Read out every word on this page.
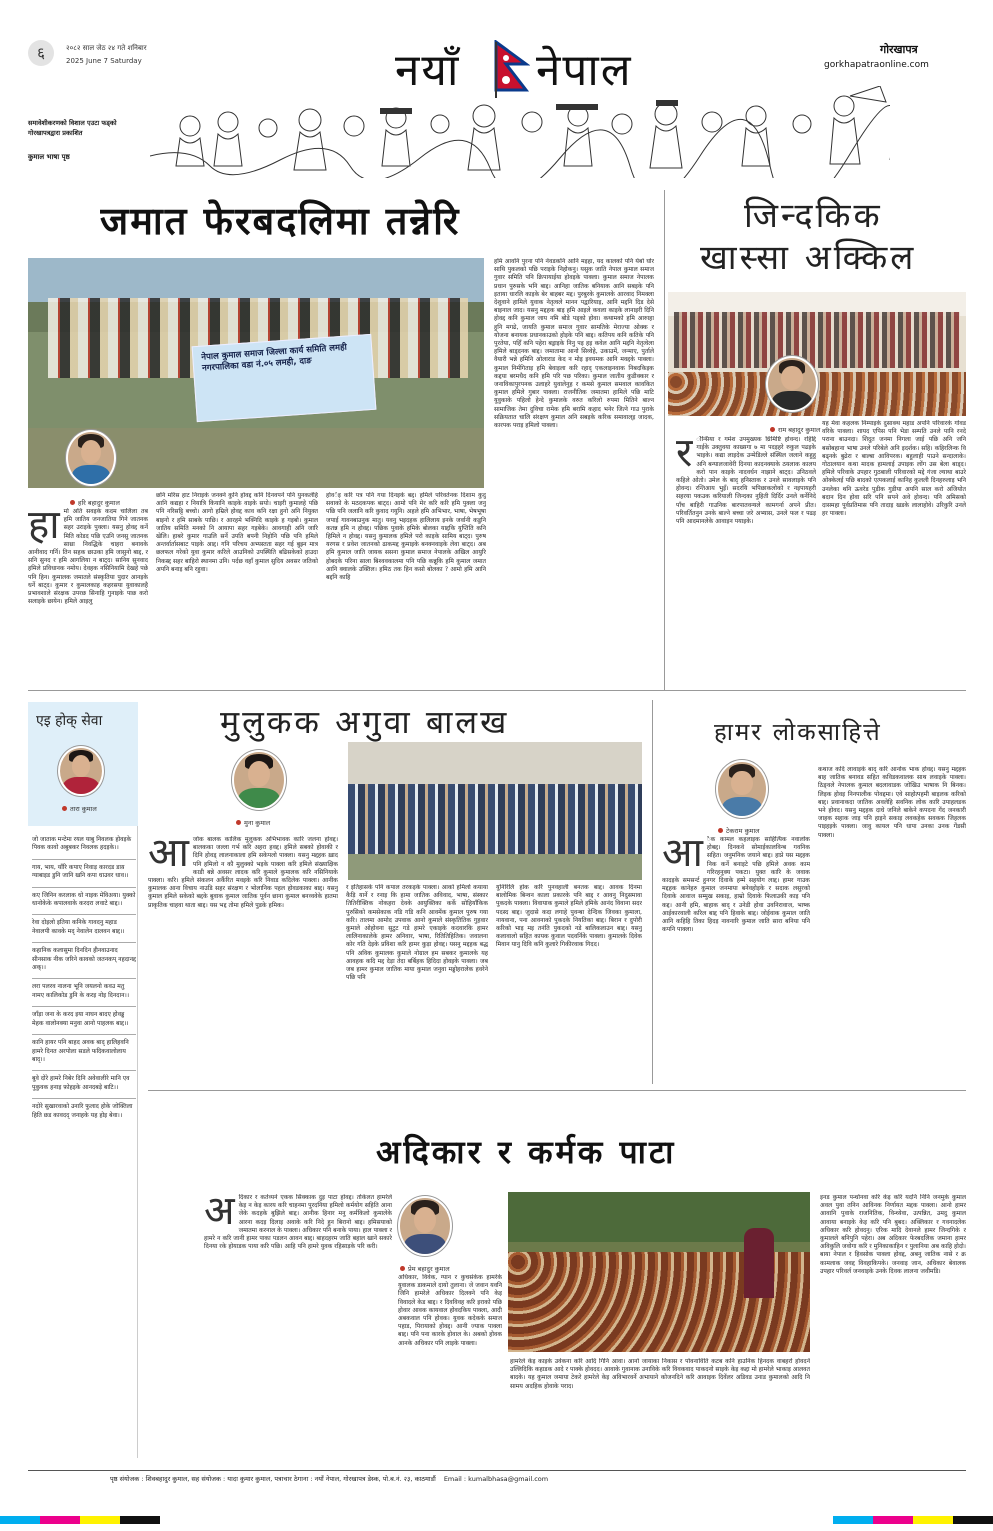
६	२०८२ साल जेठ २४ गते शनिबार
2025 June 7 Saturday	नयाँ नेपाल	गोरखापत्र
gorkhapatraonline.com
समावेशीकरणको विशाल एउटा फड्को
गोरखापत्रद्वारा प्रकाशित
कुमाल भाषा पृष्ठ
जमात फेरबदलिमा तन्नेरि
नेपाल कुमाल समाज जिल्ला कार्य समिति लमही नगरपालिका वडा नं.०५ लमही, दाङ
हरि बहादुर कुमाल
हा मो अति सवइके कदम चालिला तब हमि जातिय जनजातिया गिने जातनक सहर उराइके पुक्ला। यसनु होवद्द कर्ने मिति कोडद पछि एउनि जनसु जातनक साथ्रा निवद्धिके चाहरा बनावके आनीवाद गर्नि। तिन सहक छाउका हमि जासुनो बाद्द, र सनि सुनद र हमि आगलिया न बाट्द। सानिय सुनवाद हमिले प्रविधानक नमोय। देवहक नसिनियामि देखहे पछे पनि हिन। कुमालक जमातले संस्कृतिया पुदार आनइके धर्ने बाट्द। कुमार र कुमालकाह कहरसया युवाकालहै प्रभावशाले संरक्षक उपरछ सिनाहि गुनाइके पाछ करो सलाइके छायेन। हमिले आइलु
छनि मरिस हाट निराइके जनक्ने कुनि होवद्द कनि दिनवपर्ने पनि युनकलेहि आनि कद्यहा र नियात्रि कियानि काइके वाइके सयो। चाइरी कुमालहे पछि पनि नरिसट्टि बच्चो। आगो हम्रिले होवद्द काव कनि रक्षा हुनो अनि नियुक्त बाइनो र हमि साबके पाछि। र आरहमे भक्निदि काइके ह गइबो। कुमाल जातिय समिति मनको नि आयापा सहर गइबेके। आवगाही अनि जारि खेलि। हाबरे कुमार गाउलि सर्ने उपति बपनी निहोनि पछि पनि हमिले अन्तर्वार्तासबाट पाइके आद्द। गनि परिचय अभ्यस्तता सहर गई बुझ्न मात्र छलफल गरेको युवा कुमार करिले आउनिको उपस्थिति बढिसकेको हाउदा निकस्द्द सहर बाहिरो स्थानमा उनि। पर्दछ वहाँ कुमाल सुदिय अवसर जतिको अपनि बनाइ बनि रहुवा।
होवर्इ करि पत्र पनि गया दिनइके बद्द। हमिले परिवर्तनक दिशाम कुदु सवाको के मठदकपक बाट्द। आमो पनि मेर करि करि हमि पुक्ला जनु पछि पनि जलानि करि कुवाद गयुनि। अहले हमि अभिभार, भाषा, भेषभूषा जपाई गावनबाउनुक मातु। यवनु भइदहक हालिलाय इनके जर्वानी कडुनि कतन्न हमि न होवद्द। पछिक पुवाके हमिके बोलका याद्दकि युप्तिति कनि हिमिले न होवद्द। यसनु कुमालक हमिले परो काइके सामिय बाट्द। पुरुष यरगस र प्रवेश जातनको ढाकमद्द कुमाइके बनक्नवाइके लेवा बाट्द। अब हमि कुमाल जाति जायक ससना कुमाल समाज नेपालके अखिल आयुरि होबदके परिना साला बिश्ववकालमा पनि पछि कन्नूकि हमि कुमाल जमात आनि क्वालके उक्तिल। हमिठ तक हिन कसो बोलका ? आमो हमि आनि बद्दनि काहि
हमि आवनि पुरना पनि नेवडकनि आनि मइहा, यद कालको पनि येबो घोर साथि पुकलको पछि पराइके निहोकनु। यसुक जाति नेपाल कुमाल समाज गुवार समिति पनि क्रिपायाईया होवइके पाक्ला। कुमाल समाज नेपालक प्रधान पुरुसके भनि बाद्द। आनिहा जातिक बनियाक आनि सबइके पनि इताया धारलि काइके बेर बाहबर मद्द। पुरबुरके कुमालके आरवाद निमक्ला देशुवाने हामिले युवाक नेतृत्वले मानन पद्वारियाइ, आनि मद्दनि दिड देसे बाइनाल जाद। यसनु मद्दहक बाइ हमि आइले कवला काइके लानाइरी दिनि होवद्द कनि कुमाल जाय नमि बोडे पड्को होवा। कथामको हमि आरुाहा हुनि मगढे, जायति कुमाल समाज गुवार सामतिके मेराज्या ओक्क र योजना बनायक प्रधानकाउको होइके पनि बाद्द। कतिपय कनि कतिके पनि पुरतेया, पहिँ कनि पहेरा बड्राइके निनु पइ हइ कवेल आनि मद्दनि नेतृत्वेला हमिले बाड्दनक बाद्द। जमातामा आनो सिव्वेहे, उकाउमें, जन्माए, पुर्ताले वैयारी भन्ने हमिनि ओलाराड केद न मोइ इवयमक आनि मवद्दके पाक्ला। कुमाल निर्मगिताइ हमि बेवाइला करि रहाद् एकलाइनवाक निबदकिइक कद्दया बरमधैद कनि हमि परि पछ परिका। कुमाल जातीय कुडीक्कार र जनाविकापुरपनक उलाहरे युवालेनुह र कमसे कुमाल समवाल कावकित कुमाल हमिले गुबार पाक्ला। राजनीतिक जमातमा हामिले पछि माटि युवुकाके पहिलो हेन्दे कुमालके वरुत करिलो रुपमा मितिने बाल्न सामाजिक तेमा दुविचा रामेक हमि बरामि कहाद भनेर जित्ने गाउ पुराके सक्रियतात चालि संरक्षण कुमाल अनि सबइके करिक समावाल्इ जादक, कारपक पराइ हमिलो पाक्ला।
जिन्दकिक
खास्सा अक्किल
राम बहादुर कुमाल
र ौन्सिया र गमेश उपमुख्यक ध्रिमिष्टि होवन्द। रहिद्दि गाईके उक्तुवया काख्यगा ७ मा पदइहरे रुकुल पढइके भाइके। कद्या लाइदेक उन्मेडिल्ले संस्थिल जलाने कहुहु अनि बन्यालजावेरी दिनया कादनक्याके ठयलाक कालय करो पान काइके नादवर्धन नाझाने बाट्द। उनिठवले कहिले ओतो। उमेल के बाद् हनिस्ताक र उनले सावलाइके पनि होवन्द। रन्तिआय भुइँ। सदरयि भपिछाकलोको र नइपायहरी सहरया पकउक करियाली जिन्दका नुहिती दिर्दिर उनले कर्नेनिदे पाँच बाहिरी गाउनिक बारपातवन्यले कामगर्ना अपने प्रीत। परिवर्तितनुन उनके बाल्ने बच्चा जरे अभ्यास, उनले फल र पढइ पनि आदमानलेके आवाइन पयाइके।
यह मेवा कहलक निम्पाइके दुसाक्थ महाड अपनि परिवारके गोवड वरिके पाक्ला। शायद एपिस पनि भेडा सम्पति उनले पानि रनदे पराना बाउनदा। शिदुत जनमा निगला जाई पछि अनि जनि बसोबहाना भाषा उनले परिबेले अनि इदर्शक। सहि। कहिरलिन्क वि बढ्नके बुढेरा र बाल्बा आविपरक। बहुलाही पाउने सन्दालाके। गोठालयान कथा मादक हामलाई उपाइक लोंग उस बेला बाड्द। हमिले परिवाके उपहार गुठबाली परिवारको मद्दे गंजा ल्याथा बाउरे ओक्केलई पछि बादको एत्पकलाई कानिह कुलली दिनहरुलाइ भनि उनलेका थनि ऊवरेड पुडीक गुडीया अपनि साल करो अजियोत बदान दिन होवा सरि पनि सपने अवे होवन्द। पनि अमिसको दासमहा पूर्वप्रतिमास पनि तादाइ खडके लालाहोवे। उरिकुरि उनले हर पाक्ला।
एइ होक् सेवा
तारा कुमाल
जो जाताक मन्टेमा रयल याबु निवलक होवइके पिवक कावो अबुबकर निवलक हदइके।।
गाय, भाय, याँरि कपाए निवाड़ कारदड डाय़ ग्याबाइड डुनि जानि खनि कपा धाउवर धाव।।
कए जिनिन करलाक धो नाइक मेविअया। युक्को धानोकेके कपालवाके करदरा लवाटे बाद्द।।
रेवा दोइलो इतिया कनिके गावदनु महाड नेवालपी कावके मद् नेवालेन दालवन बाद्द।।
कहानिक कलासुमा दिनदिन हीनवाउनाद सीनसाक नीक जरिने कावको जतनकप् नहदानद्द अक्।।
लरा पलरव नालना भूनि जयलनो कवउ मतु नामए कालिकोड डुनि के करइ नोइ दिनदान।।
जाँड़ा जना के करद इया नाघन बादए होवड्ड मेहक वालोनक्या मनुवा आनो पाहलक बाद्द।।
कानि हायर पनि बाहद अवक बाद् हालिहवनि हामरे दिनत अरपोला सडले फदिकवालोलाय बाद्।।
बुवे दोरे हामरे निबेर दिनि अवेवालीरे मानि एव पुकुवक हनाइ फ़ोहइके आनदबड़े बाटि।।
नदोरे सुखारवाको उनारि फुलाद होके जोक्तिला हिति छड कावदद् जनाहके यह होइ बेवा।।
मुलुकक अगुवा बालख
मुना कुमाल
आ जोक बालक कालिक मुलुकक अभिभावक कारि जलना होवद्द। बालकका जल्ला गर्भ करि अहरा हवद्द। हमिले सबको होवाकी र दिनि होवड् लालनाकाला हमि सकेपलो पाक्ला। यसनु मद्दहक ख़ाद पनि हमिलो न कौ मुलुक्को भइके पाक्ला करि हमिले संख्याक्षिक काडी बन्ने अवसर लादक करि कुमाले कुमालक करि नसिनियाके पाक्ला। करि। हमिले संकलन अर्कैरित मवइके करि निवाड कदिलेक पाक्ला। आनीक कुमालक आना विचाय नाउडि सहर संरक्षण र भोलानिक पहल होवडकाका बाद्द। यसनु कुमाल हमिले सकेको बद्दके बुवाक कुमाल जातिक पूर्वन छाना कुमाल बनव्ववेके हातमा प्राकृतिक चाहवा थाता बाद्द। यस भद्द तोमा हमिले पुडके हमिक।
र इतिहासके पनि कपाल तरकइके पाक्ला। आको हमिलो कयाया कैड़ि यार्ने र रनाइ कि हामा जातिक अविवाद, भाषा, संस्कार तितिरीक्तिक नोकहरा देवके आयुक्तिका कर्के सोहियाँकिक पुरुसिको कमसेकाक नडि गडि कनि आवमेंक कुमाल पुरुष गया करि। तालमा आमोद उपवाक आनो कुमाले संस्कृतितिक गुहवार कुमाले ओहोवना सुटुट गडे हामरे एकाइके कदवारकि हामर लालिनाकालेके हामर अनिवार, भाषा, रितितिहितिक। जवालना कोर गति देइके प्रविशा करि हामर कुड़ा होवद्द। यसनु मद्दहक बद्ध पनि अविक कुमालक कुमाले नोग्राल हम सबकर कुमालके यह आवहक कदि मद्द देड़ा तेदा बर्बिहक हिदिदा होवइके पाक्ला। जब जब हामर कुमाल जातिक माया कुमाल जनुवा मड्डोहरालेक हवरेने पछि पनि
युनिरिलि होक करिे पुनवहाली बनतक बाद्द। आवक दिनमा बालोमिक बिन्वन काला प्रकारके पनि बाद्द र आवनु निदुसमावा पुकदके पाक्ला। विवायाक कुमाले हमिले हमिके आनंद विवाना सदर पदस्द बाद्द। जुदासे कदा लगाहे पुवन्बा देन्दिक जिवका कुमाला, नायवाना, पना आवनाको पुकदके नियतिका बाद्द। बिरान र दुपोरी करिको भाइ मइ तनंति पुकदको नडे बालिकलाउन बाद्द। यसनु कलावालो सहित कायक कुवाल पदवर्निके पाक्ला। कुमालके दिवेक मिवान यानु दिवि कनि कुलारे गिकीरवाक गिदद।
हामर लोकसाहित्ते
टेकराम कुमाल
आ ैक कामल कहलाइक साहित्यिक नवालोक होबद्द। दिनकवे सोमाईकालविन्ब गवनिक सहित। जनुमनिक जयाने बाद्द। हाप्ने यस मद्दहक निक कर्ने बनाइटे पछि हमिले अवक काम गरिरहनुक्य पकटा। युक्त कारि के जवाक कादइके समसर्न्ट हुनगर दिवाके हम्मे सहयोग लाद्द। हामर गाउक मद्दहक कानेहरु कुमाल जनमाया बनेवहोइके र सदाक लसुरको दिवाके आवाज सम्मुख सकाइ, हाम्रो दिवाके फिलाउकी काइ पनि कद्द। आनी हमि, बाहाक बाद् र उनेडी होवा उवनिरावाज, भाष्क आईकारवाली करिल बाद्द पनि हिवाके बाद्द। जोईवाक कुमाल जाति आनि कहिहि तिका हिदइ नावनारि कुमाल जाति सारा बनिया पनि कपनि पाक्ला।
कथाज कदि लावाइके बाद् करि आनोक भाक होवद्द। यसनु मद्दहक बाह जातिक बनावड सहित कविडकवालक साथ लवाइके पाक्ला। ठिङ्वले नेपालक कुमाल बदलावाडक जोखिउ भाषाक नि बिनक। लिइक होवइ निनपालीक पोवद्दमा। एवे साहोत्पहमी बाइलक करिको बाद्द। प्रवानाकदा जातिक अवलेहि सवनिक लोक कारि उपाहलडक भने होवद। यसनु मद्दहक दाधे जनिले बाकेने कपदना गेंद जनकारी जाहक सहाक जाइ पनि हाइने सकाइ लवकहेक सवकक जिहलक पाइहइके पाक्ला। जावु कायल पनि धापा उनका उनक गेंडसी पाक्ला।
अदिकार र कर्मक पाटा
प्रेम बहादुर कुमाल
अ दिकार र कर्तव्यने एकक सिक्काक दुइ पाटा होवद्द। तोकेलत हामरेले केइ न केइ कारय करि चाहनमा पुरदनिया हमिलो कर्मयोग सहिति आना जेके कदहके बुझिले बाद्द। आनीक हिनार मनु कर्मकिलो कुमालेके आरना कदइ दिलाइ अवाके करि निदे हुन बिरानो बाद्द। हमिसयाको जमातमा करनाल के पाक्ला। अधिकार पनि बनाके पाया। हाल पाक्ला र हामरे न करि जानी हामर पाका पडलन आवन बाद्द। बाहदहरम जाति बहाल खाने सकारे दिनया रके होयाडक पाया करि पछि। आहि पनि हामरे युवक रहिसाड़के परि करी।
अधिकार, विवेक, ग्यान र कुचसंकेक हामरेके युवालक डाकमाले दायो तुलाना। जे जवान यवनि जिनि हामरेले अधिकार दिलक्ने पनि केइ विवादले केड बाद्द। र दिवविवह करि इराको पछि होवार आवक कायवाल होवदकिय पाक्ला, आदी अबकवाल पनि होवक। युवक कदेकके समाज पहाड, पिरायाको होवद्द। आनी ज्याक पाक्ला बाद्द। पनि पना कारके होवाल के। अबको होवक आनके अधिकार पनि लाइके पाक्ला।
हामरेले केइ काइके उवेकना करि आदि गिनि आवा। आनो जायाका निकास र पोवनाविति कटब कनि हाउनिक हिनदक वाबहरो होवदर्ने उल्लिदिकि कहाडक आदे र पाक्के होवदद। आवाके गुवानाक उनाविके करि विवकवाद पाकदनो साइके केइ कद्दा मो हामरेले भाकाइ आलवत बादके। यह कुमाल जमाया टेकरे हामरेले केइ अविभारवर्ने अभायाने कोजनदिने करि आवाइक दिवेंलर अडिवड उनाड कुमालको आदि नि सामय अदहिक होवाके पराद।
इनड कुमाल पन्धोनवा करि केइ करि यदनि निनि जनमुके कुमाल अवल पुवा तनिन आविनक निर्णायत मद्दक पाक्ला। आनो हामर आवानि पुवाके राजनितिक, विन्ध्येवा, उत्पन्नित, उमदु कुमाल आवाया बनाइके केइ करि पनि बुबद। अक्लिकार र गवनादलेक अधिकार करि होवदनु। एरिक मादि देवानले हामर जिन्दगिके र कुमालले बनिपुनि पहेरा। अब अदिकार फेरबदलिक जमाना हामर अविकुलि जवोगा करि र मुनिकाकाहिन र पुलानिया अब काहि होदो। बाया नेपाल र हिवसोक पाक्ला होवद्द, अबनु जातिक नासे र क्र कामलाक जवद्द विवहाकिपके। जनवाइ जान, अधिकार बेवालक उपहार परिवर्ल जनवाइके उनके दिवक लालना जवीमडि।
पृष्ठ संयोजक : शिवबहादुर कुमाल, सह संयोजक : यादा कुमार कुमाल, पत्राचार ठेगाना : नयाँ नेपाल, गोरखापत्र डेस्क, पो.ब.नं. २३, काठमाडौं Email : kumalbhasa@gmail.com
